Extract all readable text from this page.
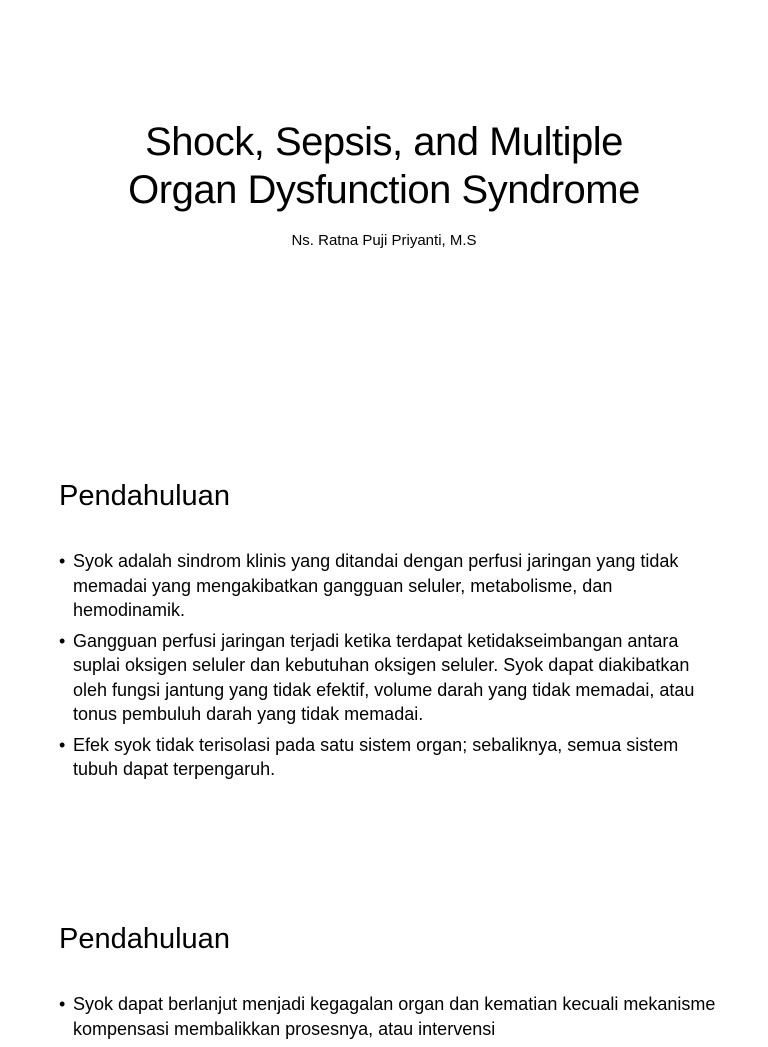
Shock, Sepsis, and Multiple
Organ Dysfunction Syndrome
Ns. Ratna Puji Priyanti, M.S
Pendahuluan
• Syok adalah sindrom klinis yang ditandai dengan perfusi jaringan yang tidak memadai yang mengakibatkan gangguan seluler, metabolisme, dan hemodinamik.
• Gangguan perfusi jaringan terjadi ketika terdapat ketidakseimbangan antara suplai oksigen seluler dan kebutuhan oksigen seluler. Syok dapat diakibatkan oleh fungsi jantung yang tidak efektif, volume darah yang tidak memadai, atau tonus pembuluh darah yang tidak memadai.
• Efek syok tidak terisolasi pada satu sistem organ; sebaliknya, semua sistem tubuh dapat terpengaruh.
Pendahuluan
• Syok dapat berlanjut menjadi kegagalan organ dan kematian kecuali mekanisme kompensasi membalikkan prosesnya, atau intervensi
